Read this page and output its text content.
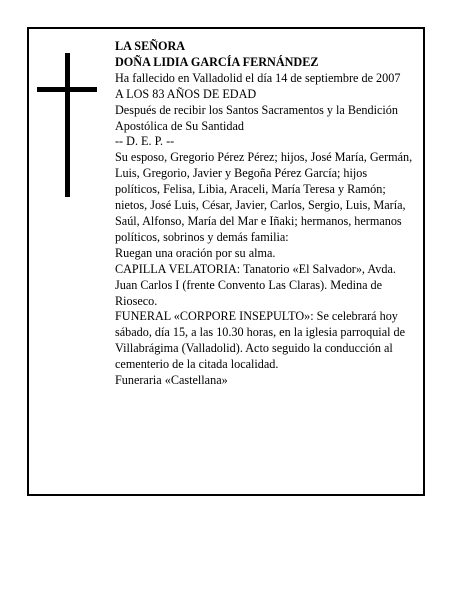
LA SEÑORA

DOÑA LIDIA GARCÍA FERNÁNDEZ

Ha fallecido en Valladolid el día 14 de septiembre de 2007

A LOS 83 AÑOS DE EDAD

Después de recibir los Santos Sacramentos y la Bendición Apostólica de Su Santidad

-- D. E. P. --

Su esposo, Gregorio Pérez Pérez; hijos, José María, Germán, Luis, Gregorio, Javier y Begoña Pérez García; hijos políticos, Felisa, Libia, Araceli, María Teresa y Ramón; nietos, José Luis, César, Javier, Carlos, Sergio, Luis, María, Saúl, Alfonso, María del Mar e Iñaki; hermanos, hermanos políticos, sobrinos y demás familia:

Ruegan una oración por su alma.

CAPILLA VELATORIA: Tanatorio «El Salvador», Avda. Juan Carlos I (frente Convento Las Claras). Medina de Rioseco.

FUNERAL «CORPORE INSEPULTO»: Se celebrará hoy sábado, día 15, a las 10.30 horas, en la iglesia parroquial de Villabrágima (Valladolid). Acto seguido la conducción al cementerio de la citada localidad.

Funeraria «Castellana»
